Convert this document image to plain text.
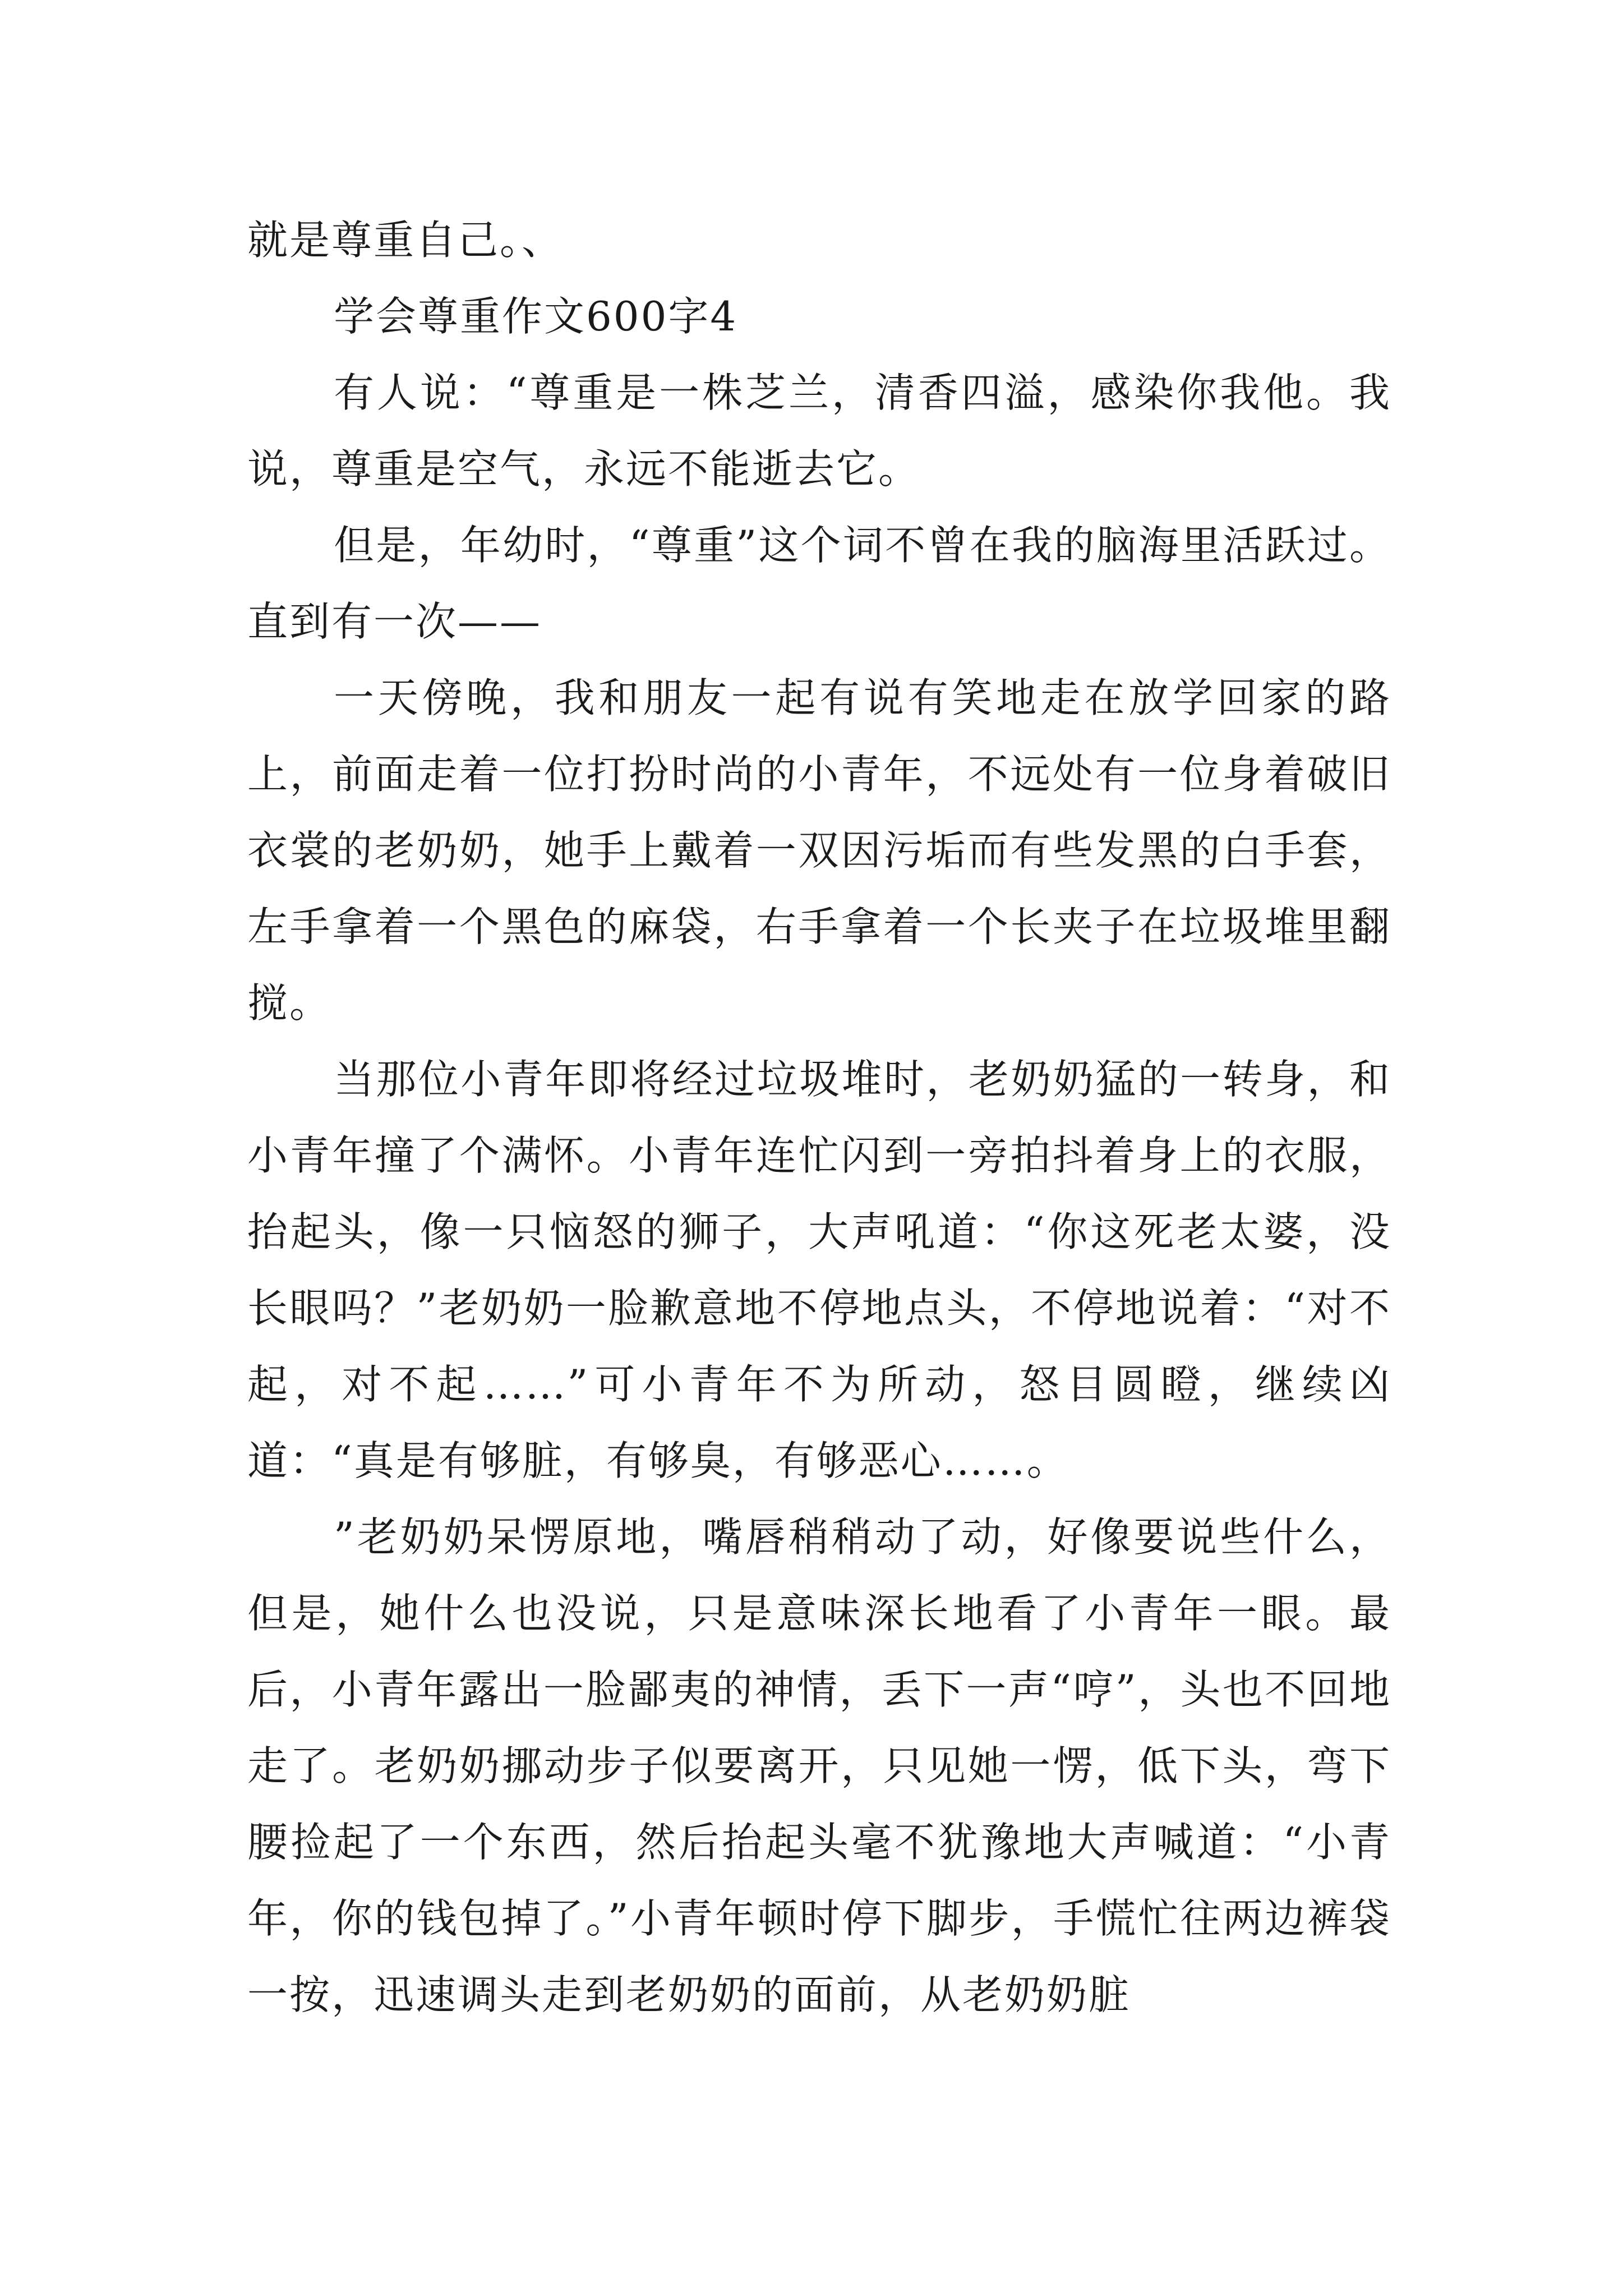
就是尊重自己。、

学会尊重作文600字4

有人说：“尊重是一株芝兰，清香四溢，感染你我他。我说，尊重是空气，永远不能逝去它。

但是，年幼时，“尊重”这个词不曾在我的脑海里活跃过。直到有一次——

一天傍晚，我和朋友一起有说有笑地走在放学回家的路上，前面走着一位打扮时尚的小青年，不远处有一位身着破旧衣裳的老奶奶，她手上戴着一双因污垢而有些发黑的白手套，左手拿着一个黑色的麻袋，右手拿着一个长夹子在垃圾堆里翻搅。

当那位小青年即将经过垃圾堆时，老奶奶猛的一转身，和小青年撞了个满怀。小青年连忙闪到一旁拍抖着身上的衣服，抬起头，像一只恼怒的狮子，大声吼道：“你这死老太婆，没长眼吗？”老奶奶一脸歉意地不停地点头，不停地说着：“对不起，对不起……”可小青年不为所动，怒目圆瞪，继续凶道：“真是有够脏，有够臭，有够恶心……。

”老奶奶呆愣原地，嘴唇稍稍动了动，好像要说些什么，但是，她什么也没说，只是意味深长地看了小青年一眼。最后，小青年露出一脸鄙夷的神情，丢下一声“哼”，头也不回地走了。老奶奶挪动步子似要离开，只见她一愣，低下头，弯下腰捡起了一个东西，然后抬起头毫不犹豫地大声喊道：“小青年，你的钱包掉了。”小青年顿时停下脚步，手慌忙往两边裤袋一按，迅速调头走到老奶奶的面前，从老奶奶脏
